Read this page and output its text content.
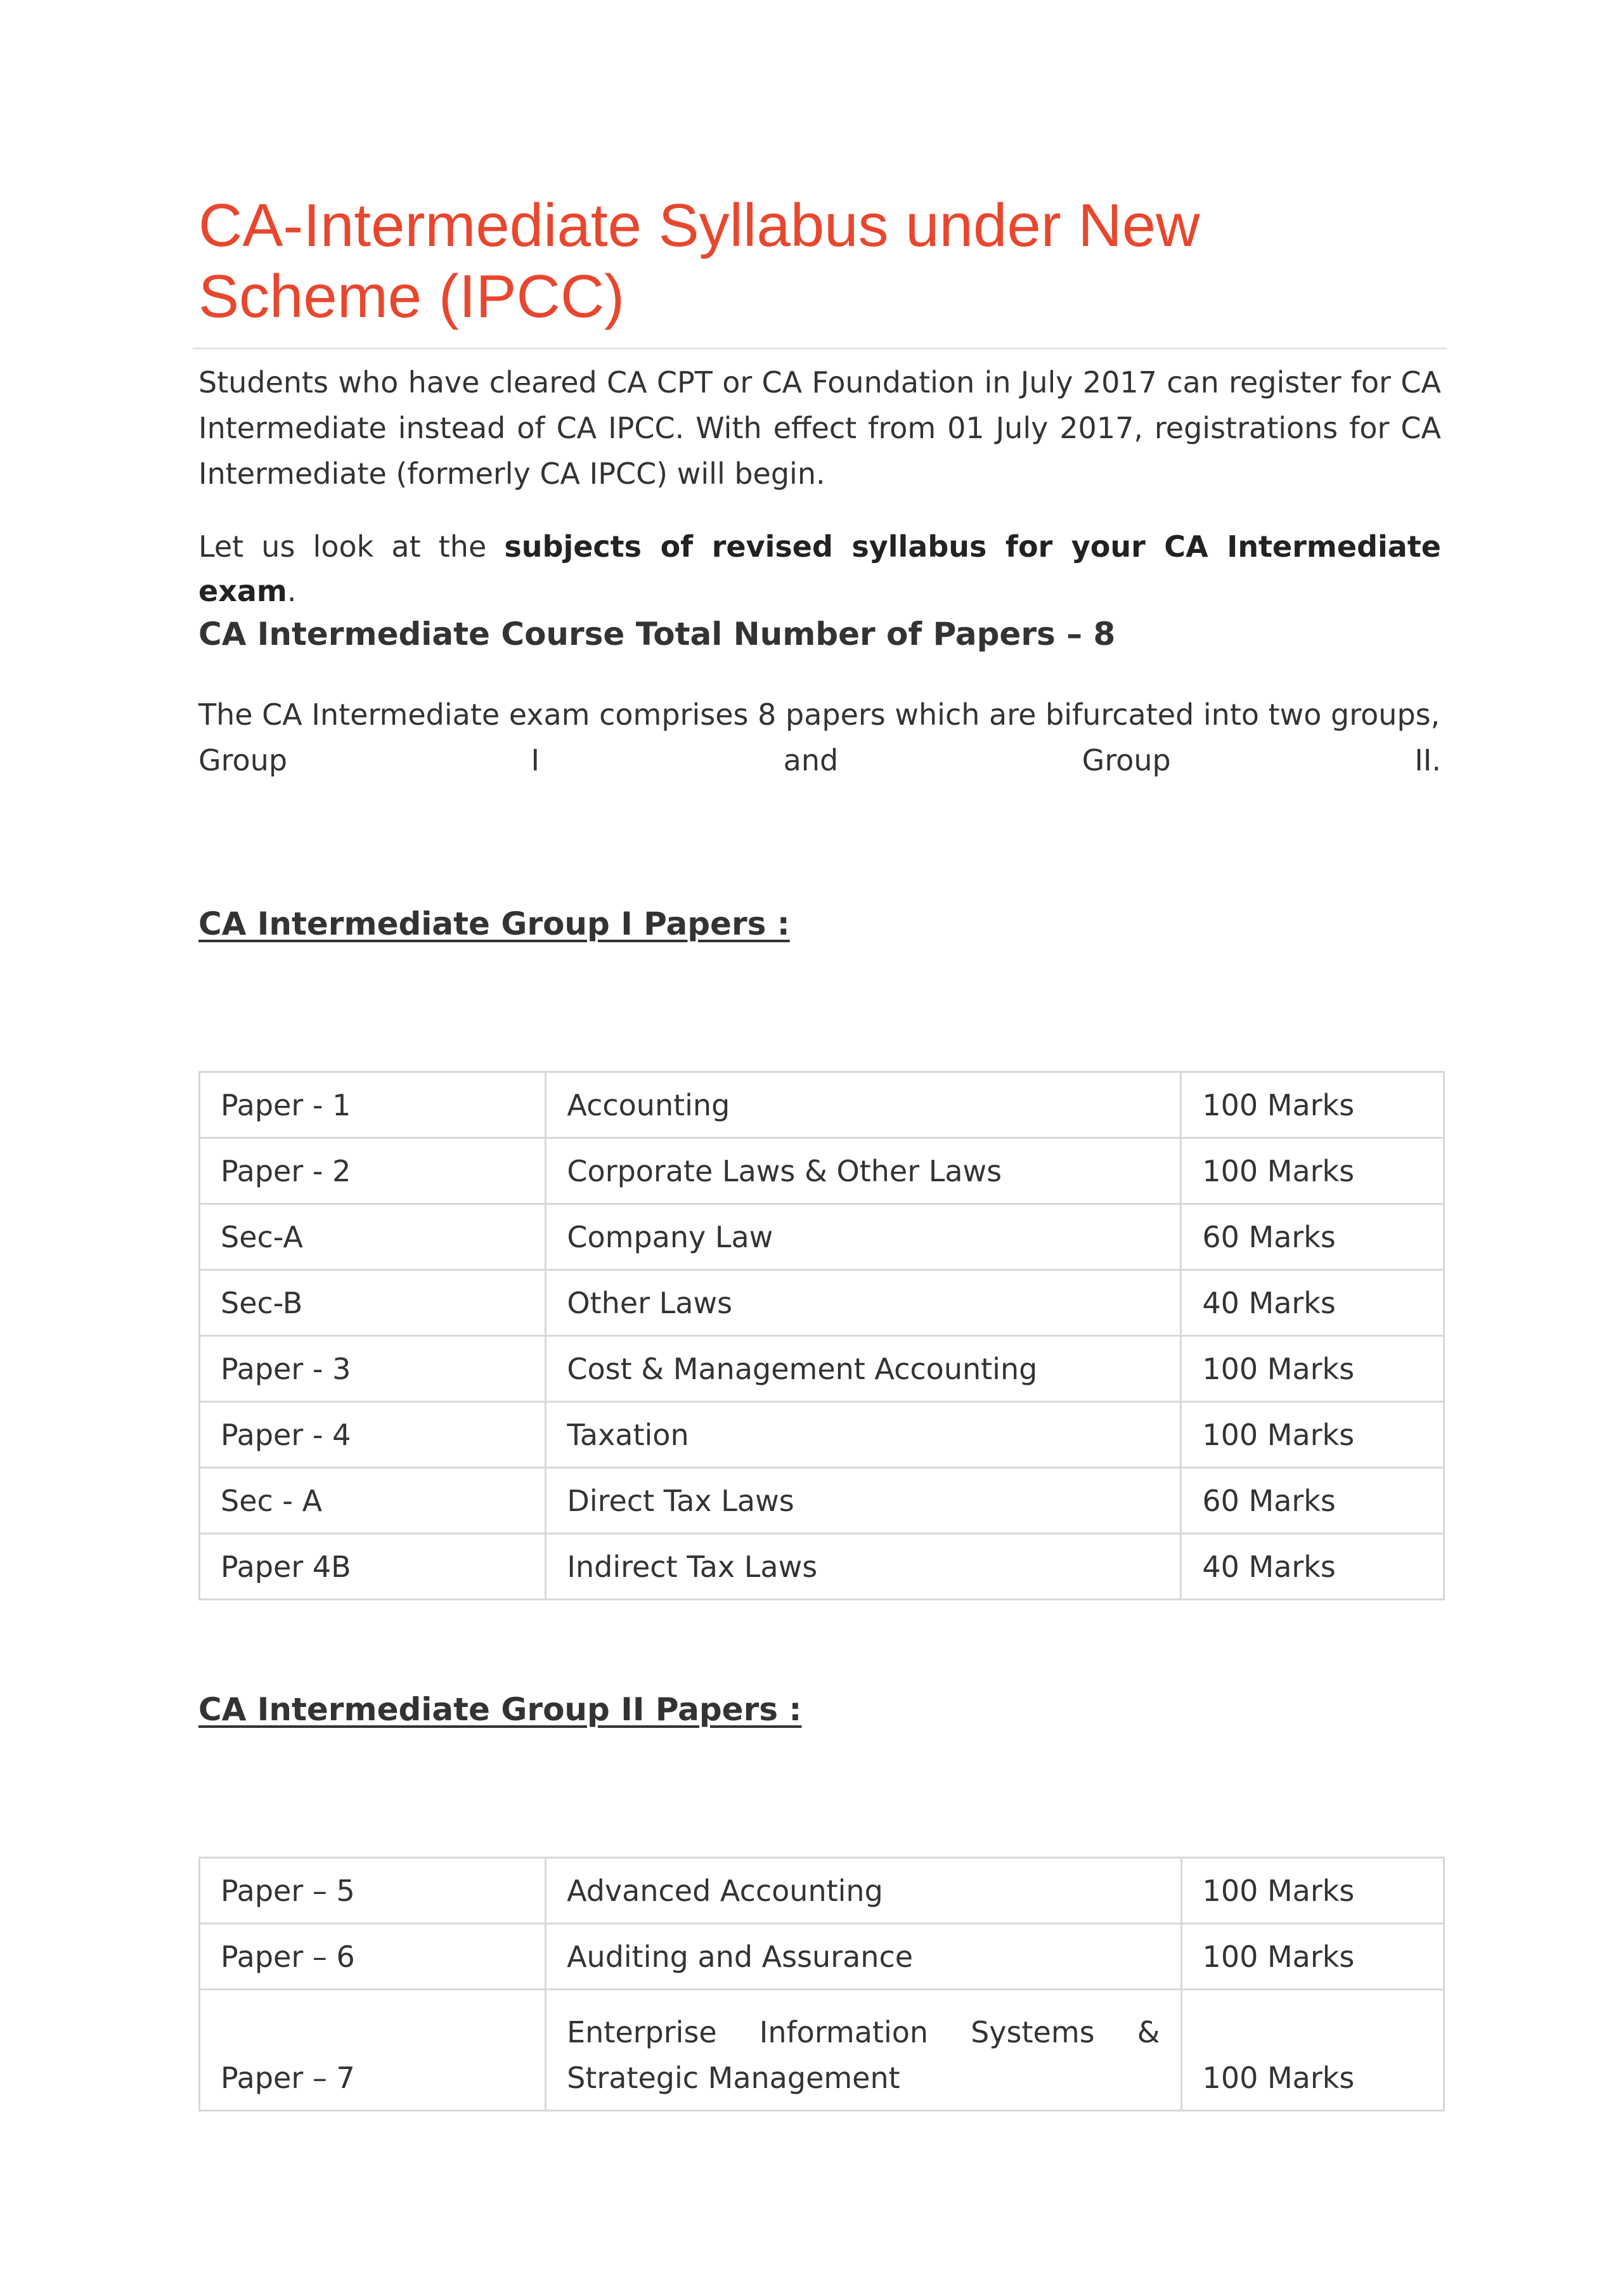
CA-Intermediate Syllabus under New Scheme (IPCC)

Students who have cleared CA CPT or CA Foundation in July 2017 can register for CA Intermediate instead of CA IPCC. With effect from 01 July 2017, registrations for CA Intermediate (formerly CA IPCC) will begin.

Let us look at the subjects of revised syllabus for your CA Intermediate exam.

CA Intermediate Course Total Number of Papers – 8

The CA Intermediate exam comprises 8 papers which are bifurcated into two groups,

Group	I	and	Group	II.
CA Intermediate Group I Papers :
Paper - 1	Accounting	100 Marks
Paper - 2	Corporate Laws & Other Laws	100 Marks
Sec-A	Company Law	60 Marks
Sec-B	Other Laws	40 Marks
Paper - 3	Cost & Management Accounting	100 Marks
Paper - 4	Taxation	100 Marks
Sec - A	Direct Tax Laws	60 Marks
Paper 4B	Indirect Tax Laws	40 Marks
CA Intermediate Group II Papers :
Paper – 5	Advanced Accounting	100 Marks
Paper – 6	Auditing and Assurance	100 Marks
Paper – 7	Enterprise Information Systems &
Strategic Management	100 Marks
